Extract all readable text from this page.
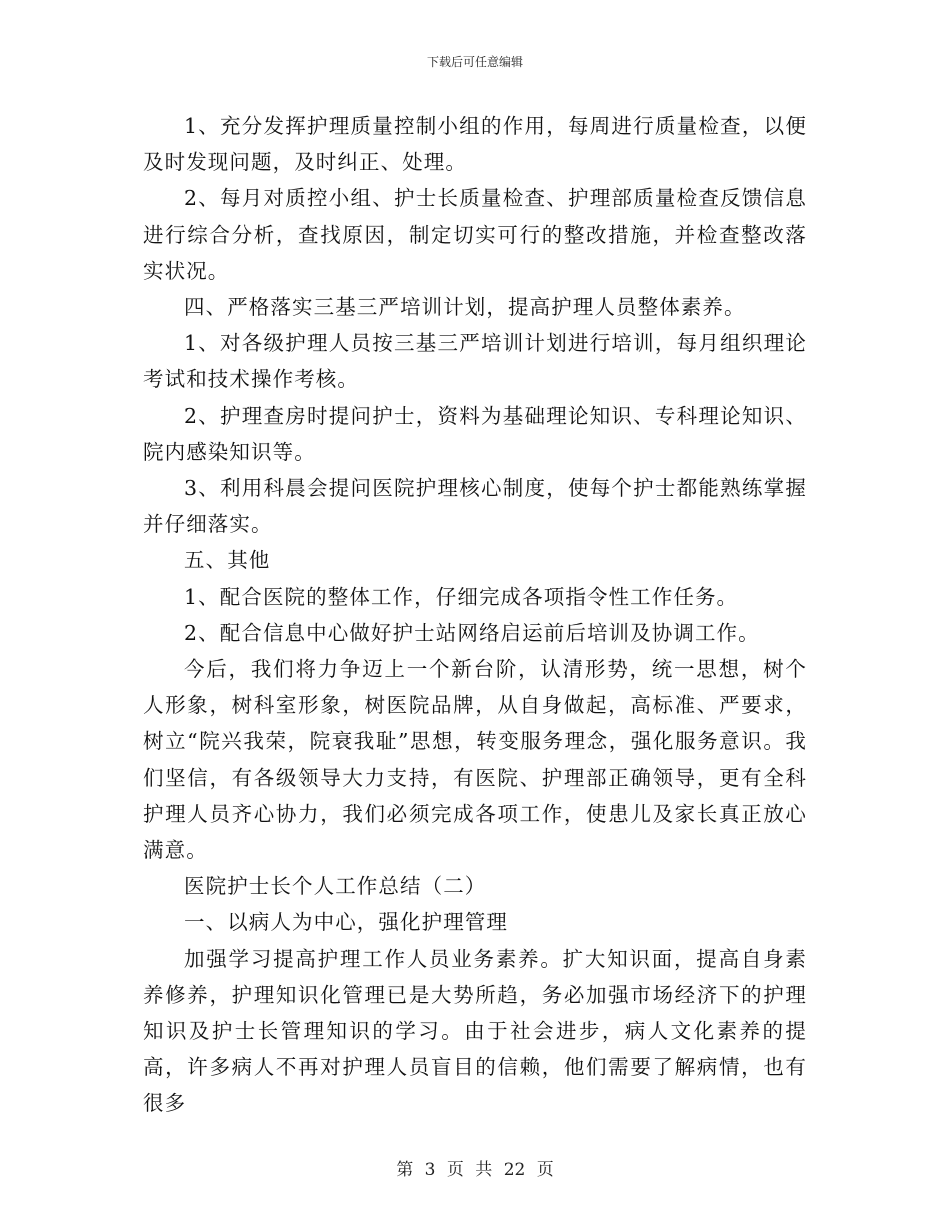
下载后可任意编辑

1、充分发挥护理质量控制小组的作用，每周进行质量检查，以便及时发现问题，及时纠正、处理。

2、每月对质控小组、护士长质量检查、护理部质量检查反馈信息进行综合分析，查找原因，制定切实可行的整改措施，并检查整改落实状况。

四、严格落实三基三严培训计划，提高护理人员整体素养。

1、对各级护理人员按三基三严培训计划进行培训，每月组织理论考试和技术操作考核。

2、护理查房时提问护士，资料为基础理论知识、专科理论知识、院内感染知识等。

3、利用科晨会提问医院护理核心制度，使每个护士都能熟练掌握并仔细落实。

五、其他

1、配合医院的整体工作，仔细完成各项指令性工作任务。

2、配合信息中心做好护士站网络启运前后培训及协调工作。

今后，我们将力争迈上一个新台阶，认清形势，统一思想，树个人形象，树科室形象，树医院品牌，从自身做起，高标准、严要求，树立“院兴我荣，院衰我耻”思想，转变服务理念，强化服务意识。我们坚信，有各级领导大力支持，有医院、护理部正确领导，更有全科护理人员齐心协力，我们必须完成各项工作，使患儿及家长真正放心满意。

医院护士长个人工作总结（二）

一、以病人为中心，强化护理管理

加强学习提高护理工作人员业务素养。扩大知识面，提高自身素养修养，护理知识化管理已是大势所趋，务必加强市场经济下的护理知识及护士长管理知识的学习。由于社会进步，病人文化素养的提高，许多病人不再对护理人员盲目的信赖，他们需要了解病情，也有很多

第 3 页 共 22 页
